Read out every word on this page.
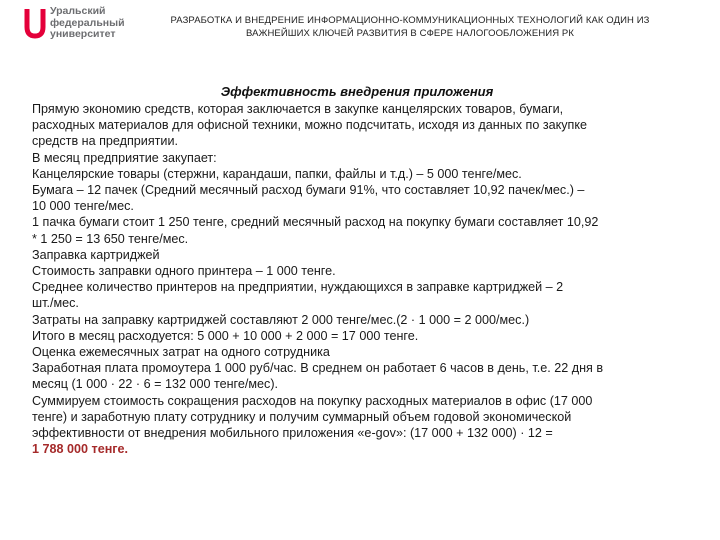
Уральский
федеральный
университет
РАЗРАБОТКА И ВНЕДРЕНИЕ ИНФОРМАЦИОННО-КОММУНИКАЦИОННЫХ ТЕХНОЛОГИЙ КАК ОДИН ИЗ
ВАЖНЕЙШИХ КЛЮЧЕЙ РАЗВИТИЯ В СФЕРЕ НАЛОГООБЛОЖЕНИЯ РК
Эффективность внедрения приложения

Прямую экономию средств, которая заключается в закупке канцелярских товаров, бумаги,

расходных материалов для офисной техники, можно подсчитать, исходя из данных по закупке

средств на предприятии.

В месяц предприятие закупает:

Канцелярские товары (стержни, карандаши, папки, файлы и т.д.) – 5 000 тенге/мес.

Бумага – 12 пачек (Средний месячный расход бумаги 91%, что составляет 10,92 пачек/мес.) –

10 000 тенге/мес.

1 пачка бумаги стоит 1 250 тенге, средний месячный расход на покупку бумаги составляет 10,92

* 1 250 = 13 650 тенге/мес.

Заправка картриджей

Стоимость заправки одного принтера – 1 000 тенге.

Среднее количество принтеров на предприятии, нуждающихся в заправке картриджей – 2

шт./мес.

Затраты на заправку картриджей составляют 2 000 тенге/мес.(2 · 1 000 = 2 000/мес.)

Итого в месяц расходуется: 5 000 + 10 000 + 2 000 = 17 000 тенге.

Оценка ежемесячных затрат на одного сотрудника

Заработная плата промоутера 1 000 руб/час. В среднем он работает 6 часов в день, т.е. 22 дня в

месяц (1 000 · 22 · 6 = 132 000 тенге/мес).

Суммируем стоимость сокращения расходов на покупку расходных материалов в офис (17 000

тенге) и заработную плату сотруднику и получим суммарный объем годовой экономической

эффективности от внедрения мобильного приложения «e-gov»: (17 000 + 132 000) · 12 =

1 788 000 тенге.
